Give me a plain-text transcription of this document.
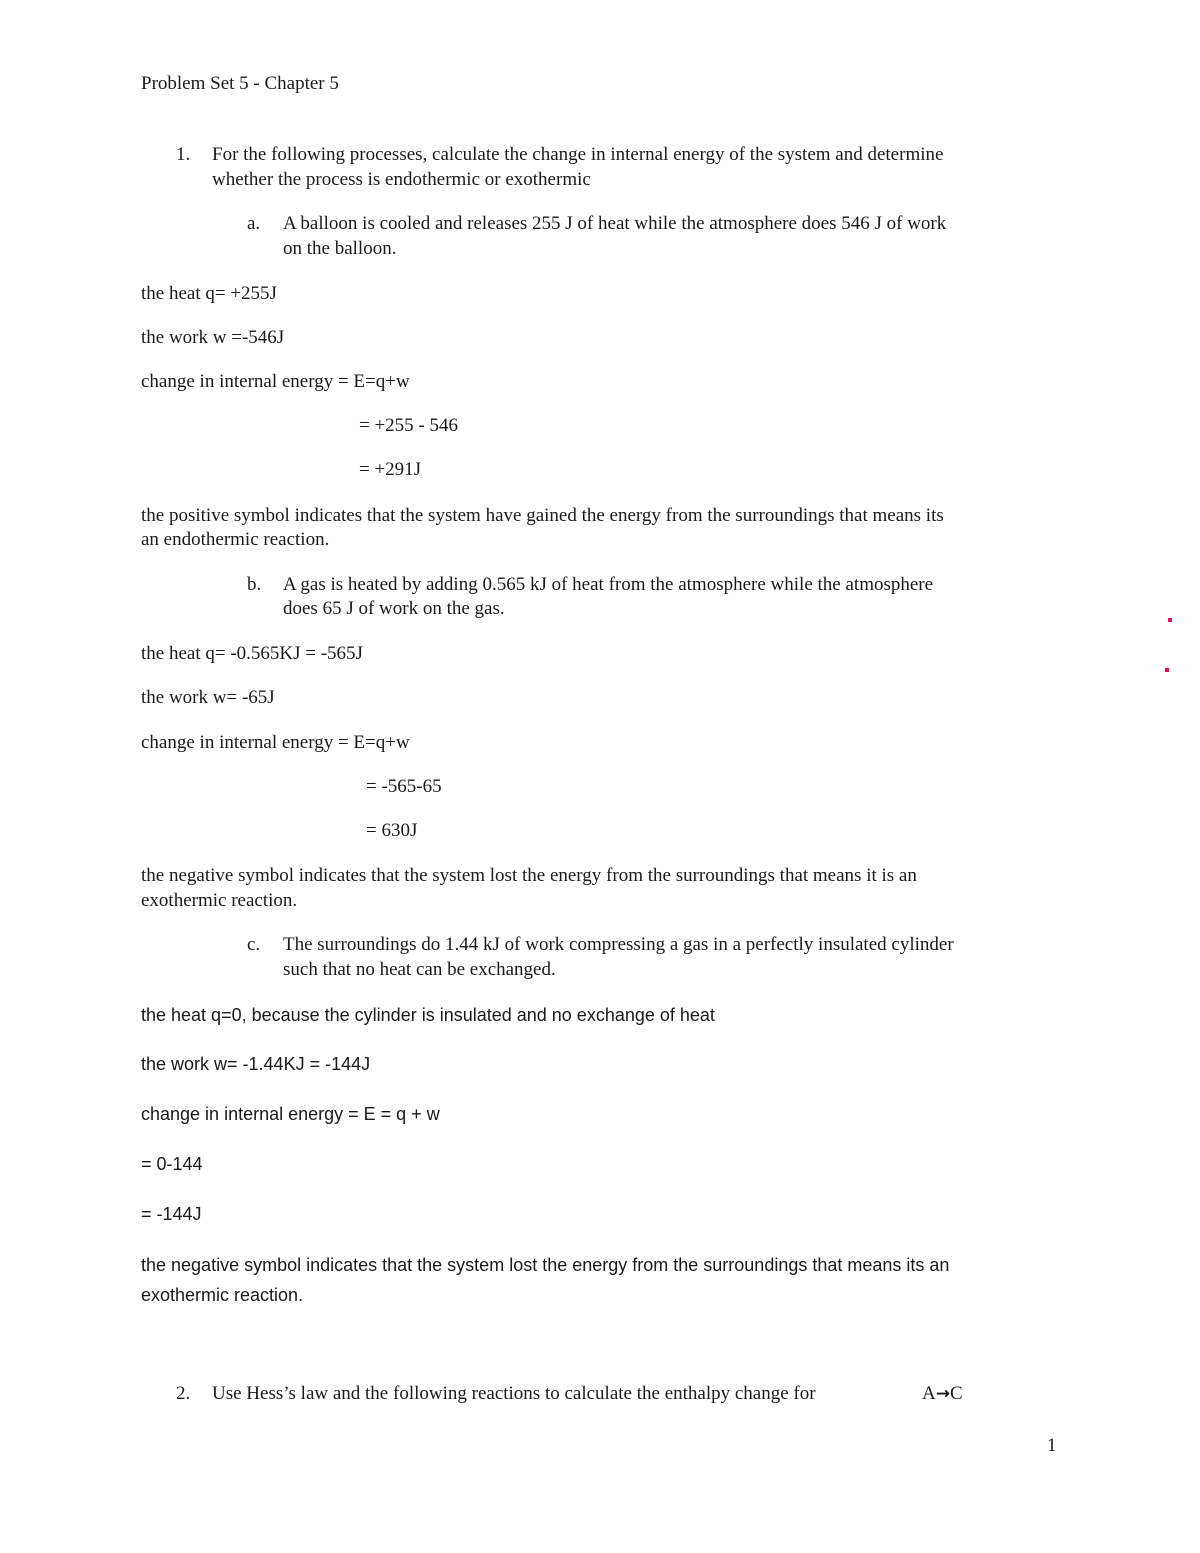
Problem Set 5 - Chapter 5
1. For the following processes, calculate the change in internal energy of the system and determine
whether the process is endothermic or exothermic
a. A balloon is cooled and releases 255 J of heat while the atmosphere does 546 J of work
on the balloon.
the heat q= +255J
the work w =-546J
change in internal energy = E=q+w
= +255 - 546
= +291J
the positive symbol indicates that the system have gained the energy from the surroundings that means its
an endothermic reaction.
b. A gas is heated by adding 0.565 kJ of heat from the atmosphere while the atmosphere
does 65 J of work on the gas.
the heat q= -0.565KJ = -565J
the work w= -65J
change in internal energy = E=q+w
= -565-65
= 630J
the negative symbol indicates that the system lost the energy from the surroundings that means it is an
exothermic reaction.
c. The surroundings do 1.44 kJ of work compressing a gas in a perfectly insulated cylinder
such that no heat can be exchanged.
the heat q=0, because the cylinder is insulated and no exchange of heat
the work w= -1.44KJ = -144J
change in internal energy = E = q + w
= 0-144
= -144J
the negative symbol indicates that the system lost the energy from the surroundings that means its an
exothermic reaction.
2. Use Hess’s law and the following reactions to calculate the enthalpy change for	A→C
1
